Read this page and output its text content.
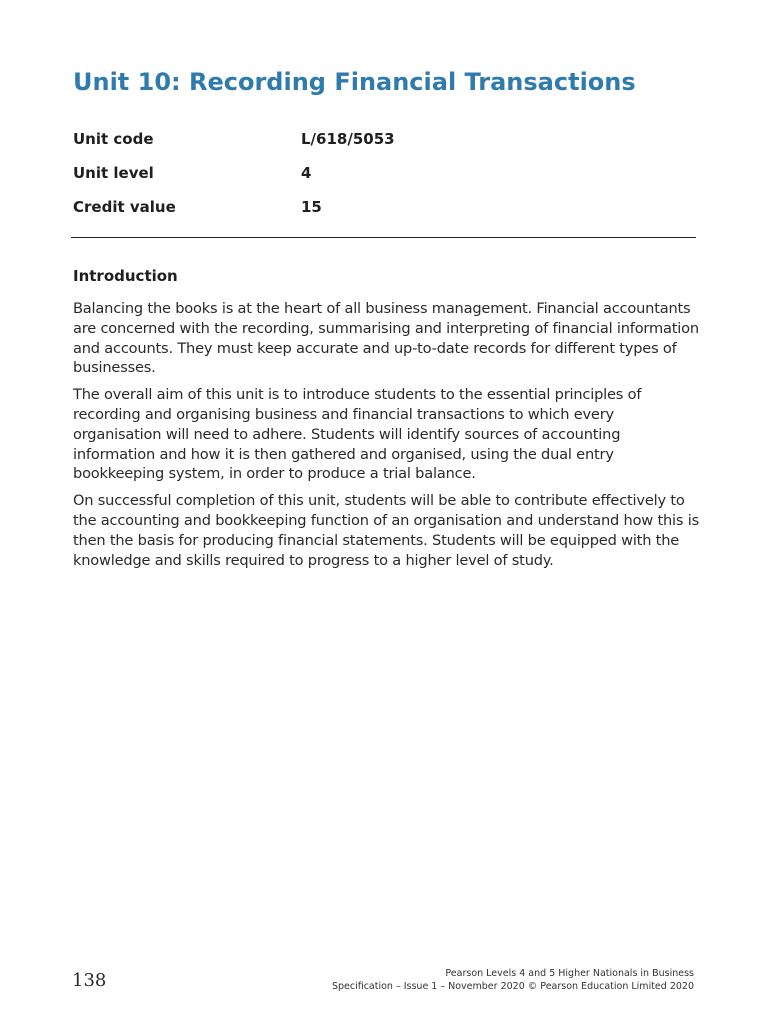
Unit 10: Recording Financial Transactions
Unit code	L/618/5053
Unit level	4
Credit value	15
Introduction

Balancing the books is at the heart of all business management. Financial accountants are concerned with the recording, summarising and interpreting of financial information and accounts. They must keep accurate and up-to-date records for different types of businesses.

The overall aim of this unit is to introduce students to the essential principles of recording and organising business and financial transactions to which every organisation will need to adhere. Students will identify sources of accounting information and how it is then gathered and organised, using the dual entry bookkeeping system, in order to produce a trial balance.

On successful completion of this unit, students will be able to contribute effectively to the accounting and bookkeeping function of an organisation and understand how this is then the basis for producing financial statements. Students will be equipped with the knowledge and skills required to progress to a higher level of study.

138	Pearson Levels 4 and 5 Higher Nationals in Business
Specification – Issue 1 – November 2020 © Pearson Education Limited 2020
